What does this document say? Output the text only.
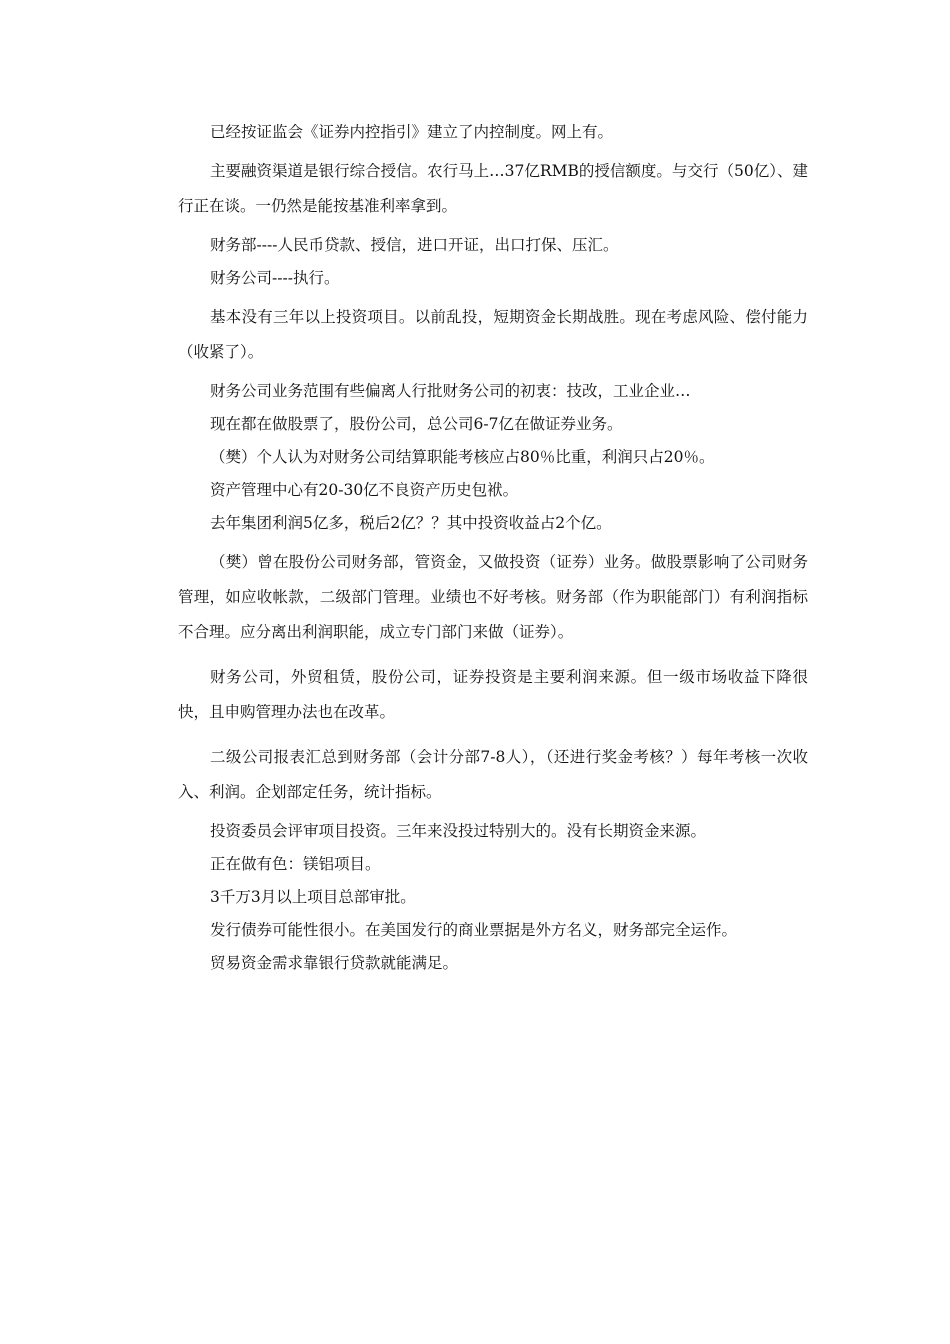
已经按证监会《证券内控指引》建立了内控制度。网上有。

主要融资渠道是银行综合授信。农行马上…37亿RMB的授信额度。与交行（50亿）、建行正在谈。一仍然是能按基准利率拿到。

财务部----人民币贷款、授信，进口开证，出口打保、压汇。

财务公司----执行。

基本没有三年以上投资项目。以前乱投，短期资金长期战胜。现在考虑风险、偿付能力（收紧了）。

财务公司业务范围有些偏离人行批财务公司的初衷：技改，工业企业…

现在都在做股票了，股份公司，总公司6-7亿在做证券业务。

（樊）个人认为对财务公司结算职能考核应占80％比重，利润只占20％。

资产管理中心有20-30亿不良资产历史包袱。

去年集团利润5亿多，税后2亿？？其中投资收益占2个亿。

（樊）曾在股份公司财务部，管资金，又做投资（证券）业务。做股票影响了公司财务管理，如应收帐款，二级部门管理。业绩也不好考核。财务部（作为职能部门）有利润指标不合理。应分离出利润职能，成立专门部门来做（证券）。

财务公司，外贸租赁，股份公司，证券投资是主要利润来源。但一级市场收益下降很快，且申购管理办法也在改革。

二级公司报表汇总到财务部（会计分部7-8人），（还进行奖金考核？）每年考核一次收入、利润。企划部定任务，统计指标。

投资委员会评审项目投资。三年来没投过特别大的。没有长期资金来源。

正在做有色：镁铝项目。

3千万3月以上项目总部审批。

发行债券可能性很小。在美国发行的商业票据是外方名义，财务部完全运作。

贸易资金需求靠银行贷款就能满足。
